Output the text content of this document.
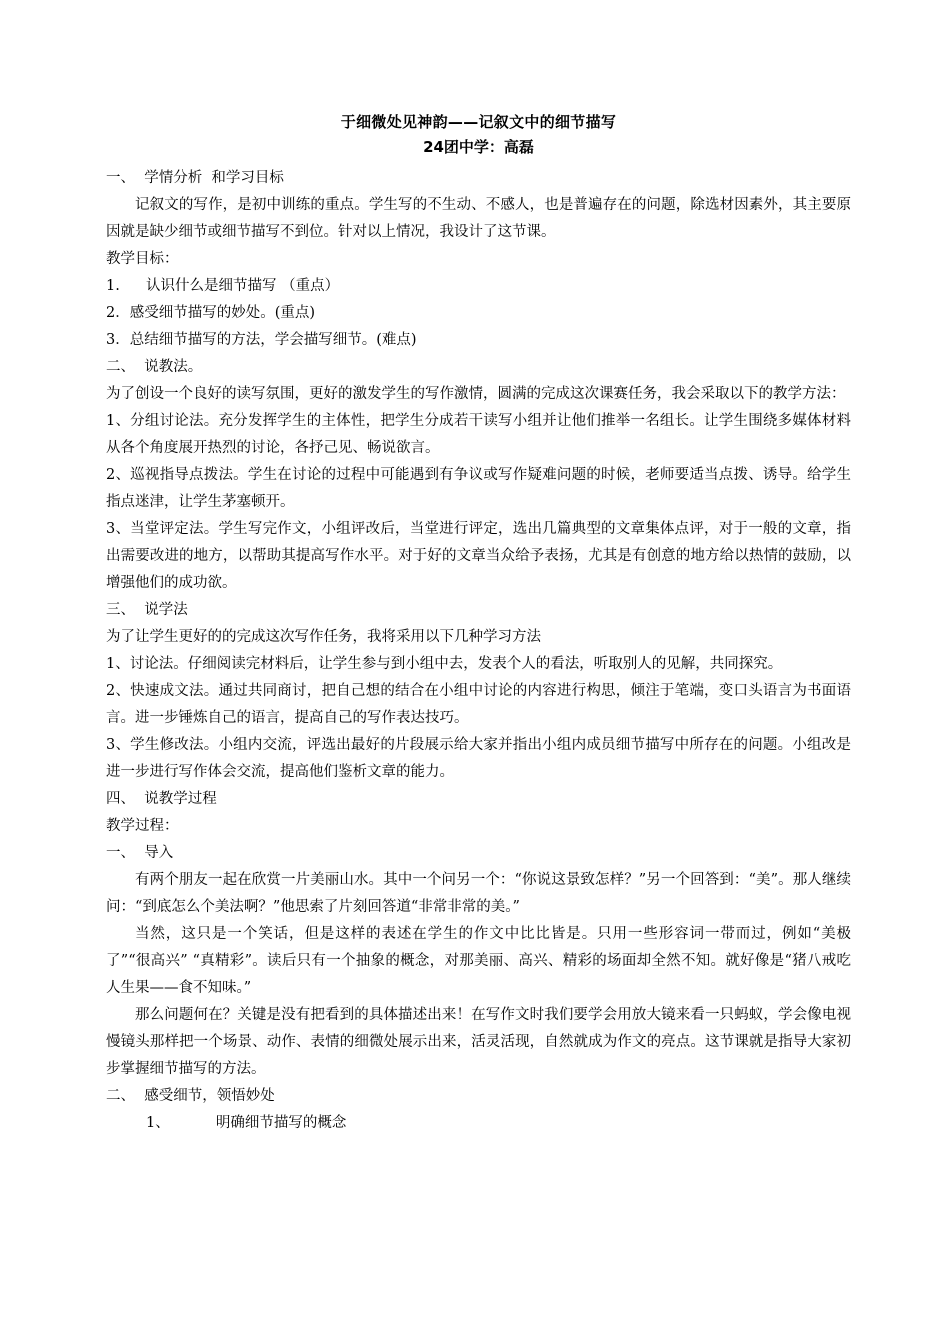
于细微处见神韵——记叙文中的细节描写
24团中学：高磊
一、  学情分析  和学习目标
记叙文的写作，是初中训练的重点。学生写的不生动、不感人，也是普遍存在的问题，除选材因素外，其主要原因就是缺少细节或细节描写不到位。针对以上情况，我设计了这节课。
教学目标：
1. 认识什么是细节描写 （重点）
2．感受细节描写的妙处。(重点)
3．总结细节描写的方法，学会描写细节。(难点)
二、  说教法。
为了创设一个良好的读写氛围，更好的激发学生的写作激情，圆满的完成这次课赛任务，我会采取以下的教学方法：
1、分组讨论法。充分发挥学生的主体性，把学生分成若干读写小组并让他们推举一名组长。让学生围绕多媒体材料从各个角度展开热烈的讨论，各抒己见、畅说欲言。
2、巡视指导点拨法。学生在讨论的过程中可能遇到有争议或写作疑难问题的时候，老师要适当点拨、诱导。给学生指点迷津，让学生茅塞顿开。
3、当堂评定法。学生写完作文，小组评改后，当堂进行评定，选出几篇典型的文章集体点评，对于一般的文章，指出需要改进的地方，以帮助其提高写作水平。对于好的文章当众给予表扬，尤其是有创意的地方给以热情的鼓励，以增强他们的成功欲。
三、  说学法
为了让学生更好的的完成这次写作任务，我将采用以下几种学习方法
1、讨论法。仔细阅读完材料后，让学生参与到小组中去，发表个人的看法，听取别人的见解，共同探究。
2、快速成文法。通过共同商讨，把自己想的结合在小组中讨论的内容进行构思，倾注于笔端，变口头语言为书面语言。进一步锤炼自己的语言，提高自己的写作表达技巧。
3、学生修改法。小组内交流，评选出最好的片段展示给大家并指出小组内成员细节描写中所存在的问题。小组改是进一步进行写作体会交流，提高他们鉴析文章的能力。
四、  说教学过程
教学过程：
一、  导入
有两个朋友一起在欣赏一片美丽山水。其中一个问另一个：“你说这景致怎样？”另一个回答到：“美”。那人继续问：“到底怎么个美法啊？”他思索了片刻回答道“非常非常的美。”
当然，这只是一个笑话，但是这样的表述在学生的作文中比比皆是。只用一些形容词一带而过，例如“美极了”“很高兴” “真精彩”。读后只有一个抽象的概念，对那美丽、高兴、精彩的场面却全然不知。就好像是“猪八戒吃人生果——食不知味。”
那么问题何在？关键是没有把看到的具体描述出来！在写作文时我们要学会用放大镜来看一只蚂蚁，学会像电视慢镜头那样把一个场景、动作、表情的细微处展示出来，活灵活现，自然就成为作文的亮点。这节课就是指导大家初步掌握细节描写的方法。
二、  感受细节，领悟妙处
1、	明确细节描写的概念
